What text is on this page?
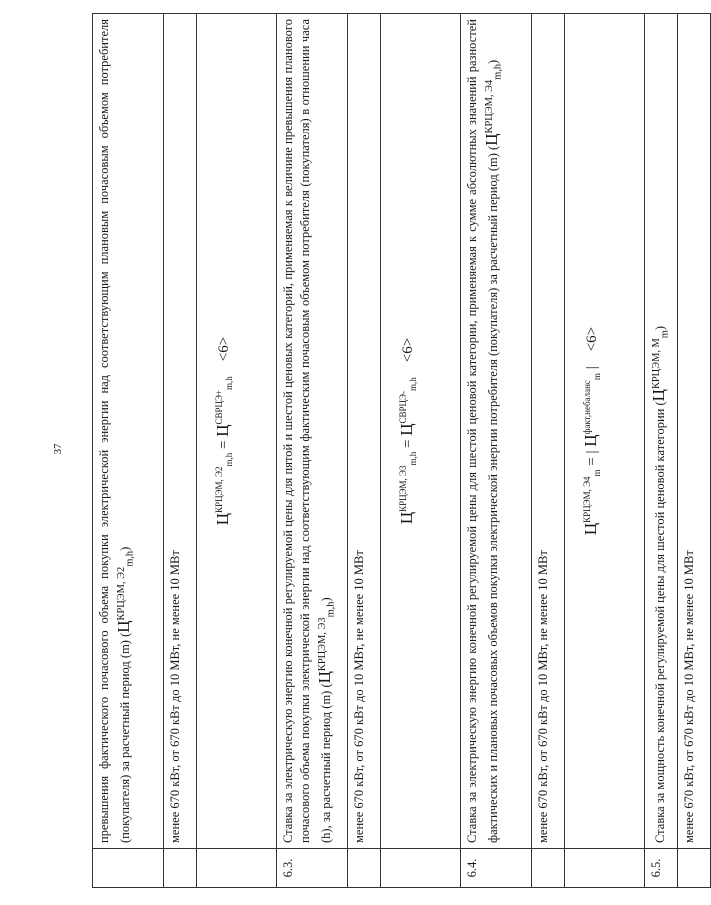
37
		превышения фактического почасового объема покупки электрической энергии над соответствующим плановым почасовым объемом потребителя (покупателя) за расчетный период (m) $(Ц^{КРЦЭМ, Э2}_{m,h})$
	менее 670 кВт, от 670 кВт до 10 МВт, не менее 10 МВт
	$Ц^{КРЦЭМ, Э2}_{m,h} = Ц^{СВРЦЭ+}_{m,h}$    <6>
6.3.	Ставка за электрическую энергию конечной регулируемой цены для пятой и шестой ценовых категорий, применяемая к величине превышения планового почасового объема покупки электрической энергии над соответствующим фактическим почасовым объемом потребителя (покупателя) в отношении часа (h), за расчетный период (m) $(Ц^{КРЦЭМ, Э3}_{m,h})$
	менее 670 кВт, от 670 кВт до 10 МВт, не менее 10 МВт
	$Ц^{КРЦЭМ, Э3}_{m,h} = Ц^{СВРЦЭ-}_{m,h}$    <6>
6.4.	Ставка за электрическую энергию конечной регулируемой цены для шестой ценовой категории, применяемая к сумме абсолютных значений разностей фактических и плановых почасовых объемов покупки электрической энергии потребителя (покупателя) за расчетный период (m) $(Ц^{КРЦЭМ, Э4}_{m,h})$
	менее 670 кВт, от 670 кВт до 10 МВт, не менее 10 МВт
	$Ц^{КРЦЭМ, Э4}_m$ = | $Ц^{факт,небаланс}_m$ |    <6>
6.5.	Ставка за мощность конечной регулируемой цены для шестой ценовой категории $(Ц^{КРЦЭМ, М}_m)$
	менее 670 кВт, от 670 кВт до 10 МВт, не менее 10 МВт
